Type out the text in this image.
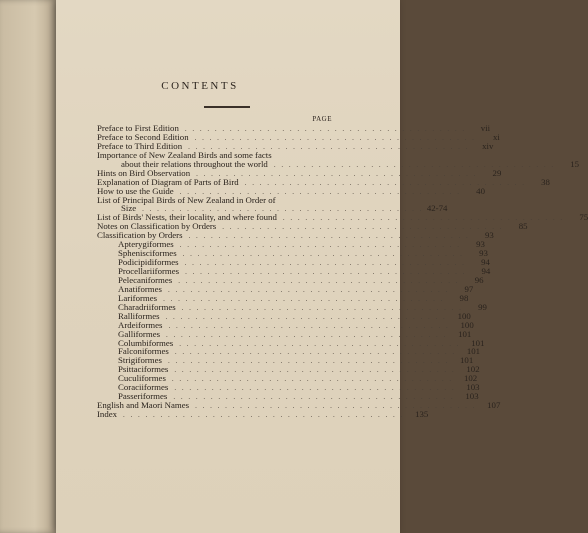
CONTENTS
PAGE
Preface to First Edition . . . . . . . . . . . . . . . . . . . . . . . . . . . . . . . . . . . . . .	vii
Preface to Second Edition . . . . . . . . . . . . . . . . . . . . . . . . . . . . . . . . . . . . . .	xi
Preface to Third Edition . . . . . . . . . . . . . . . . . . . . . . . . . . . . . . . . . . . . . .	xiv
Importance of New Zealand Birds and some facts
about their relations throughout the world . . . . . . . . . . . . . . . . . . . . . . . . . . . . . . . . . . . . . .	15
Hints on Bird Observation . . . . . . . . . . . . . . . . . . . . . . . . . . . . . . . . . . . . . .	29
Explanation of Diagram of Parts of Bird . . . . . . . . . . . . . . . . . . . . . . . . . . . . . . . . . . . . . .	38
How to use the Guide . . . . . . . . . . . . . . . . . . . . . . . . . . . . . . . . . . . . . .	40
List of Principal Birds of New Zealand in Order of
Size . . . . . . . . . . . . . . . . . . . . . . . . . . . . . . . . . . . . . . 42-74
List of Birds' Nests, their locality, and where found . . . . . . . . . . . . . . . . . . . . . . . . . . . . . . . . . . . . . .	75
Notes on Classification by Orders . . . . . . . . . . . . . . . . . . . . . . . . . . . . . . . . . . . . . .	85
Classification by Orders . . . . . . . . . . . . . . . . . . . . . . . . . . . . . . . . . . . . . .	93
Apterygiformes . . . . . . . . . . . . . . . . . . . . . . . . . . . . . . . . . . . . . .	93
Sphenisciformes . . . . . . . . . . . . . . . . . . . . . . . . . . . . . . . . . . . . . .	93
Podicipidiformes . . . . . . . . . . . . . . . . . . . . . . . . . . . . . . . . . . . . . .	94
Procellariiformes . . . . . . . . . . . . . . . . . . . . . . . . . . . . . . . . . . . . . .	94
Pelecaniformes . . . . . . . . . . . . . . . . . . . . . . . . . . . . . . . . . . . . . .	96
Anatiformes . . . . . . . . . . . . . . . . . . . . . . . . . . . . . . . . . . . . . .	97
Lariformes . . . . . . . . . . . . . . . . . . . . . . . . . . . . . . . . . . . . . .	98
Charadriiformes . . . . . . . . . . . . . . . . . . . . . . . . . . . . . . . . . . . . . .	99
Ralliformes . . . . . . . . . . . . . . . . . . . . . . . . . . . . . . . . . . . . . .	100
Ardeiformes . . . . . . . . . . . . . . . . . . . . . . . . . . . . . . . . . . . . . .	100
Galliformes . . . . . . . . . . . . . . . . . . . . . . . . . . . . . . . . . . . . . .	101
Columbiformes . . . . . . . . . . . . . . . . . . . . . . . . . . . . . . . . . . . . . .	101
Falconiformes . . . . . . . . . . . . . . . . . . . . . . . . . . . . . . . . . . . . . .	101
Strigiformes . . . . . . . . . . . . . . . . . . . . . . . . . . . . . . . . . . . . . .	101
Psittaciformes . . . . . . . . . . . . . . . . . . . . . . . . . . . . . . . . . . . . . .	102
Cuculiformes . . . . . . . . . . . . . . . . . . . . . . . . . . . . . . . . . . . . . .	102
Coraciiformes . . . . . . . . . . . . . . . . . . . . . . . . . . . . . . . . . . . . . .	103
Passeriformes . . . . . . . . . . . . . . . . . . . . . . . . . . . . . . . . . . . . . .	103
English and Maori Names . . . . . . . . . . . . . . . . . . . . . . . . . . . . . . . . . . . . . .	107
Index . . . . . . . . . . . . . . . . . . . . . . . . . . . . . . . . . . . . . .	135
